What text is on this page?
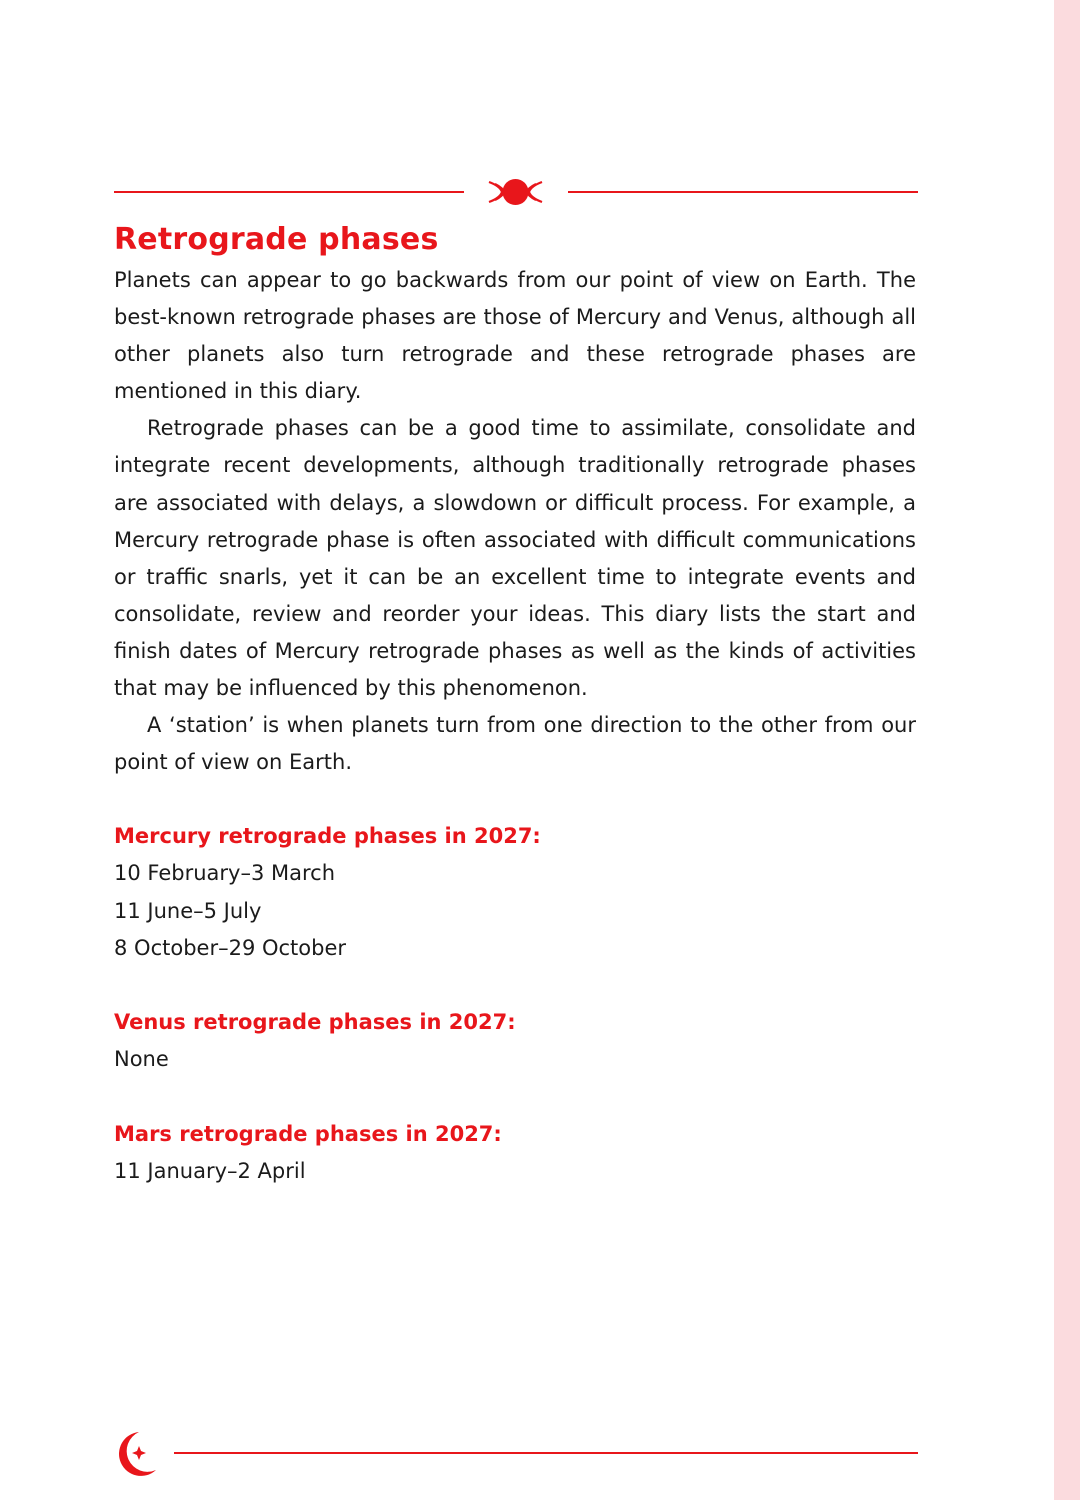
Retrograde phases

Planets can appear to go backwards from our point of view on Earth. The best-known retrograde phases are those of Mercury and Venus, although all other planets also turn retrograde and these retrograde phases are mentioned in this diary.

Retrograde phases can be a good time to assimilate, consolidate and integrate recent developments, although traditionally retrograde phases are associated with delays, a slowdown or difficult process. For example, a Mercury retrograde phase is often associated with difficult communications or traffic snarls, yet it can be an excellent time to integrate events and consolidate, review and reorder your ideas. This diary lists the start and finish dates of Mercury retrograde phases as well as the kinds of activities that may be influenced by this phenomenon.

A ‘station’ is when planets turn from one direction to the other from our point of view on Earth.

Mercury retrograde phases in 2027:

10 February–3 March

11 June–5 July

8 October–29 October

Venus retrograde phases in 2027:

None

Mars retrograde phases in 2027:

11 January–2 April
